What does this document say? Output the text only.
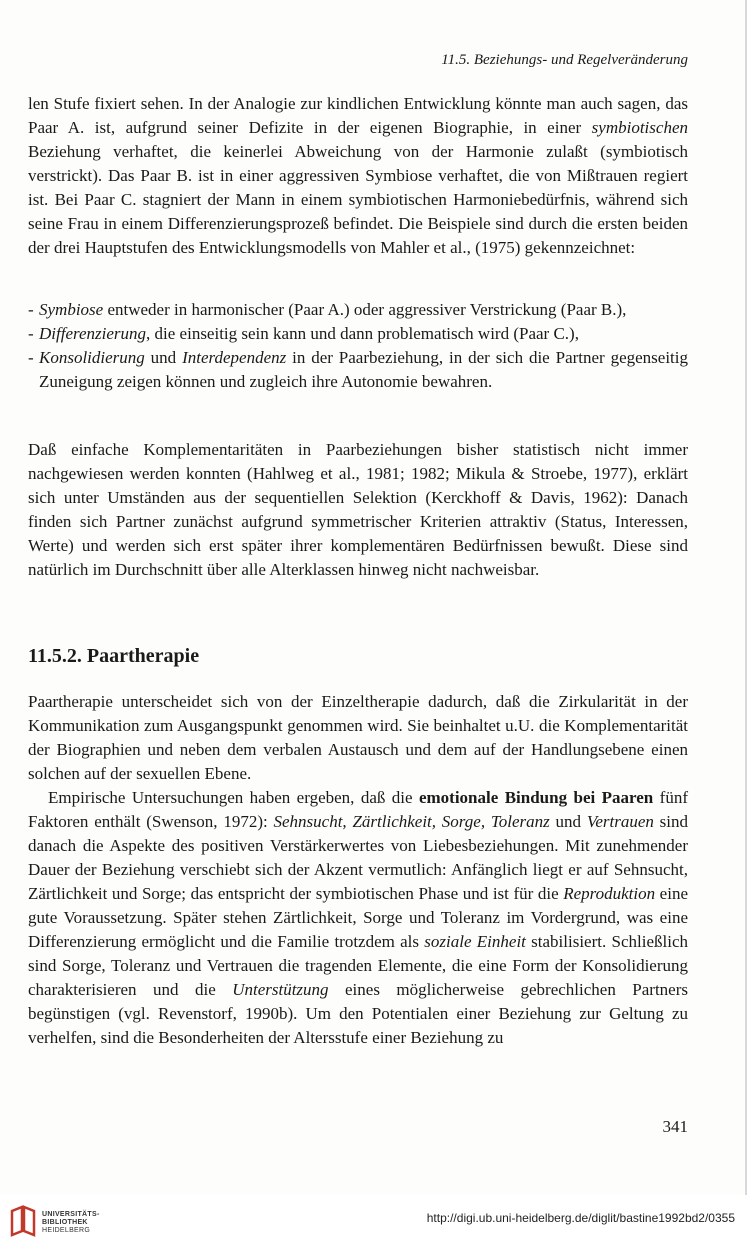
11.5. Beziehungs- und Regelveränderung

len Stufe fixiert sehen. In der Analogie zur kindlichen Entwicklung könnte man auch sagen, das Paar A. ist, aufgrund seiner Defizite in der eigenen Biographie, in einer symbiotischen Beziehung verhaftet, die keinerlei Abweichung von der Harmonie zulaßt (symbiotisch verstrickt). Das Paar B. ist in einer aggressiven Symbiose verhaftet, die von Mißtrauen regiert ist. Bei Paar C. stagniert der Mann in einem symbiotischen Harmoniebedürfnis, während sich seine Frau in einem Differenzierungsprozeß befindet. Die Beispiele sind durch die ersten beiden der drei Hauptstufen des Entwicklungsmodells von Mahler et al., (1975) gekennzeichnet:

- Symbiose entweder in harmonischer (Paar A.) oder aggressiver Verstrickung (Paar B.),
- Differenzierung, die einseitig sein kann und dann problematisch wird (Paar C.),
- Konsolidierung und Interdependenz in der Paarbeziehung, in der sich die Partner gegenseitig Zuneigung zeigen können und zugleich ihre Autonomie bewahren.

Daß einfache Komplementaritäten in Paarbeziehungen bisher statistisch nicht immer nachgewiesen werden konnten (Hahlweg et al., 1981; 1982; Mikula & Stroebe, 1977), erklärt sich unter Umständen aus der sequentiellen Selektion (Kerckhoff & Davis, 1962): Danach finden sich Partner zunächst aufgrund symmetrischer Kriterien attraktiv (Status, Interessen, Werte) und werden sich erst später ihrer komplementären Bedürfnissen bewußt. Diese sind natürlich im Durchschnitt über alle Alterklassen hinweg nicht nachweisbar.

11.5.2. Paartherapie

Paartherapie unterscheidet sich von der Einzeltherapie dadurch, daß die Zirkularität in der Kommunikation zum Ausgangspunkt genommen wird. Sie beinhaltet u.U. die Komplementarität der Biographien und neben dem verbalen Austausch und dem auf der Handlungsebene einen solchen auf der sexuellen Ebene.

Empirische Untersuchungen haben ergeben, daß die emotionale Bindung bei Paaren fünf Faktoren enthält (Swenson, 1972): Sehnsucht, Zärtlichkeit, Sorge, Toleranz und Vertrauen sind danach die Aspekte des positiven Verstärkerwertes von Liebesbeziehungen. Mit zunehmender Dauer der Beziehung verschiebt sich der Akzent vermutlich: Anfänglich liegt er auf Sehnsucht, Zärtlichkeit und Sorge; das entspricht der symbiotischen Phase und ist für die Reproduktion eine gute Voraussetzung. Später stehen Zärtlichkeit, Sorge und Toleranz im Vordergrund, was eine Differenzierung ermöglicht und die Familie trotzdem als soziale Einheit stabilisiert. Schließlich sind Sorge, Toleranz und Vertrauen die tragenden Elemente, die eine Form der Konsolidierung charakterisieren und die Unterstützung eines möglicherweise gebrechlichen Partners begünstigen (vgl. Revenstorf, 1990b). Um den Potentialen einer Beziehung zur Geltung zu verhelfen, sind die Besonderheiten der Altersstufe einer Beziehung zu

341
UNIVERSITÄTS-
BIBLIOTHEK
HEIDELBERG
http://digi.ub.uni-heidelberg.de/diglit/bastine1992bd2/0355
